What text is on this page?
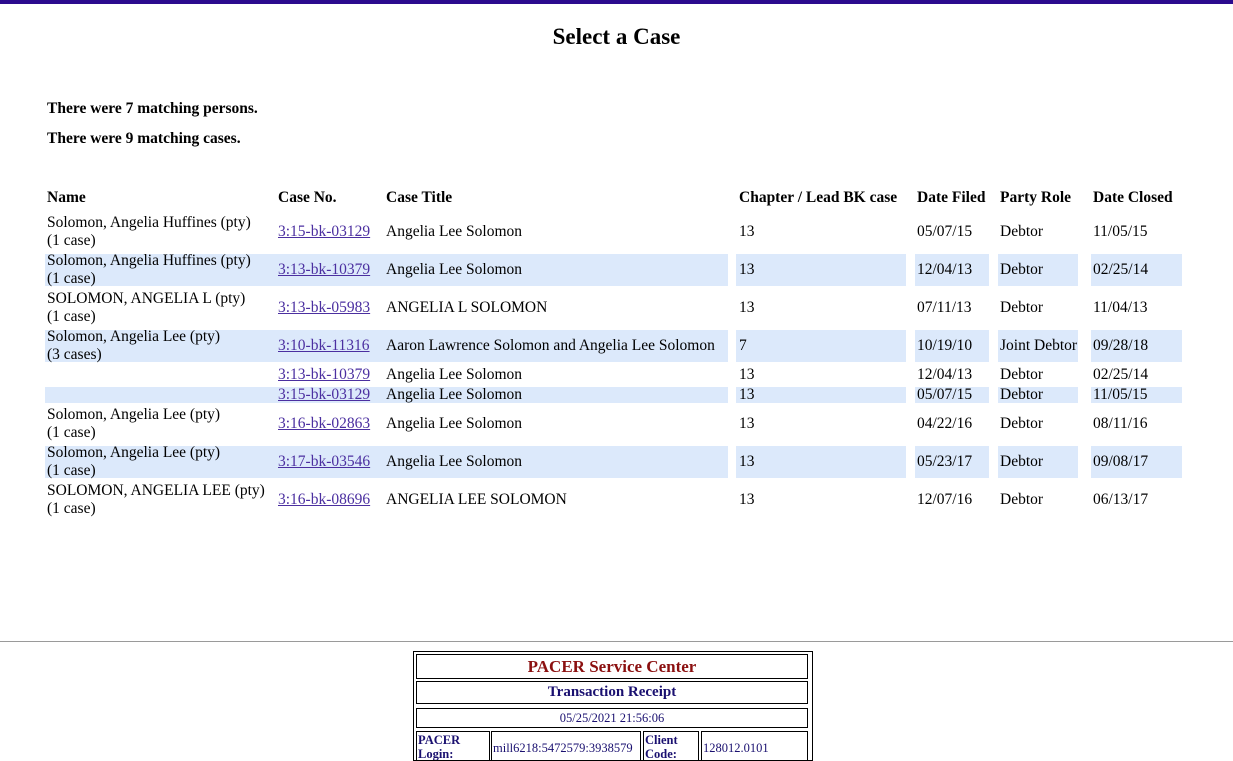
Select a Case

There were 7 matching persons.

There were 9 matching cases.

Name	Case No.	Case Title	Chapter / Lead BK case	Date Filed	Party Role	Date Closed

Solomon, Angelia Huffines (pty)
(1 case)	3:15-bk-03129	Angelia Lee Solomon	13	05/07/15	Debtor	11/05/15

Solomon, Angelia Huffines (pty)
(1 case)	3:13-bk-10379	Angelia Lee Solomon	13	12/04/13	Debtor	02/25/14

SOLOMON, ANGELIA L (pty)
(1 case)	3:13-bk-05983	ANGELIA L SOLOMON	13	07/11/13	Debtor	11/04/13

Solomon, Angelia Lee (pty)
(3 cases)	3:10-bk-11316	Aaron Lawrence Solomon and Angelia Lee Solomon	7	10/19/10	Joint Debtor	09/28/18

	3:13-bk-10379	Angelia Lee Solomon	13	12/04/13	Debtor	02/25/14

	3:15-bk-03129	Angelia Lee Solomon	13	05/07/15	Debtor	11/05/15

Solomon, Angelia Lee (pty)
(1 case)	3:16-bk-02863	Angelia Lee Solomon	13	04/22/16	Debtor	08/11/16

Solomon, Angelia Lee (pty)
(1 case)	3:17-bk-03546	Angelia Lee Solomon	13	05/23/17	Debtor	09/08/17

SOLOMON, ANGELIA LEE (pty)
(1 case)	3:16-bk-08696	ANGELIA LEE SOLOMON	13	12/07/16	Debtor	06/13/17
PACER Service Center
Transaction Receipt
05/25/2021 21:56:06
PACER Login:	mill6218:5472579:3938579
Client Code:	128012.0101
